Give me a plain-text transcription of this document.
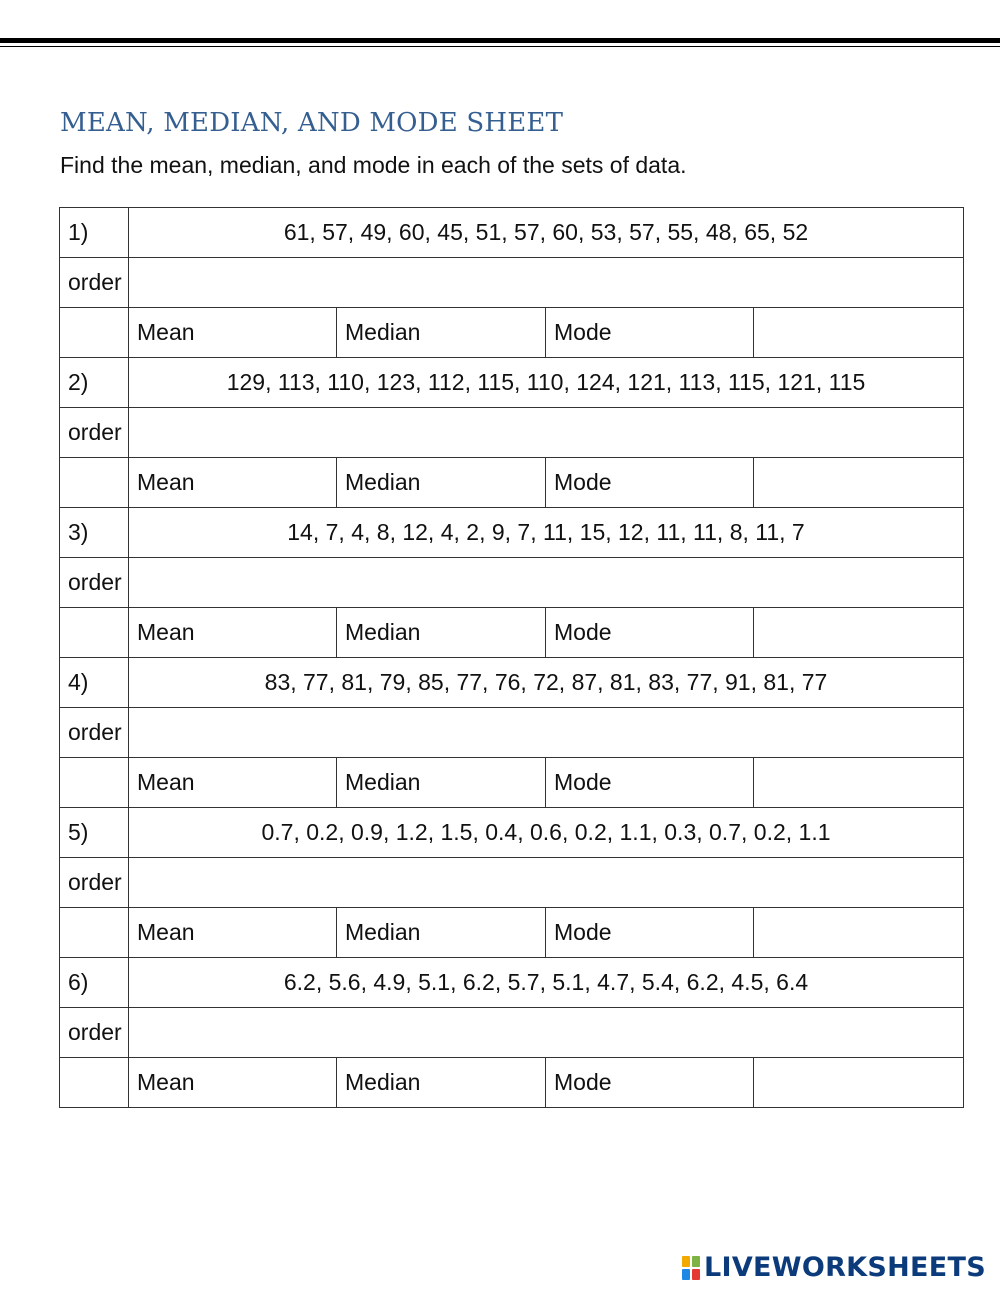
MEAN, MEDIAN, AND MODE SHEET
Find the mean, median, and mode in each of the sets of data.
1)	61, 57, 49, 60, 45, 51, 57, 60, 53, 57, 55, 48, 65, 52			
order				
	Mean	Median	Mode	
2)	129, 113, 110, 123, 112, 115, 110, 124, 121, 113, 115, 121, 115			
order				
	Mean	Median	Mode	
3)	14, 7, 4, 8, 12, 4, 2, 9, 7, 11, 15, 12, 11, 11, 8, 11, 7			
order				
	Mean	Median	Mode	
4)	83, 77, 81, 79, 85, 77, 76, 72, 87, 81, 83, 77, 91, 81, 77			
order				
	Mean	Median	Mode	
5)	0.7, 0.2, 0.9, 1.2, 1.5, 0.4, 0.6, 0.2, 1.1, 0.3, 0.7, 0.2, 1.1			
order				
	Mean	Median	Mode	
6)	6.2, 5.6, 4.9, 5.1, 6.2, 5.7, 5.1, 4.7, 5.4, 6.2, 4.5, 6.4			
order				
	Mean	Median	Mode	
LIVEWORKSHEETS
